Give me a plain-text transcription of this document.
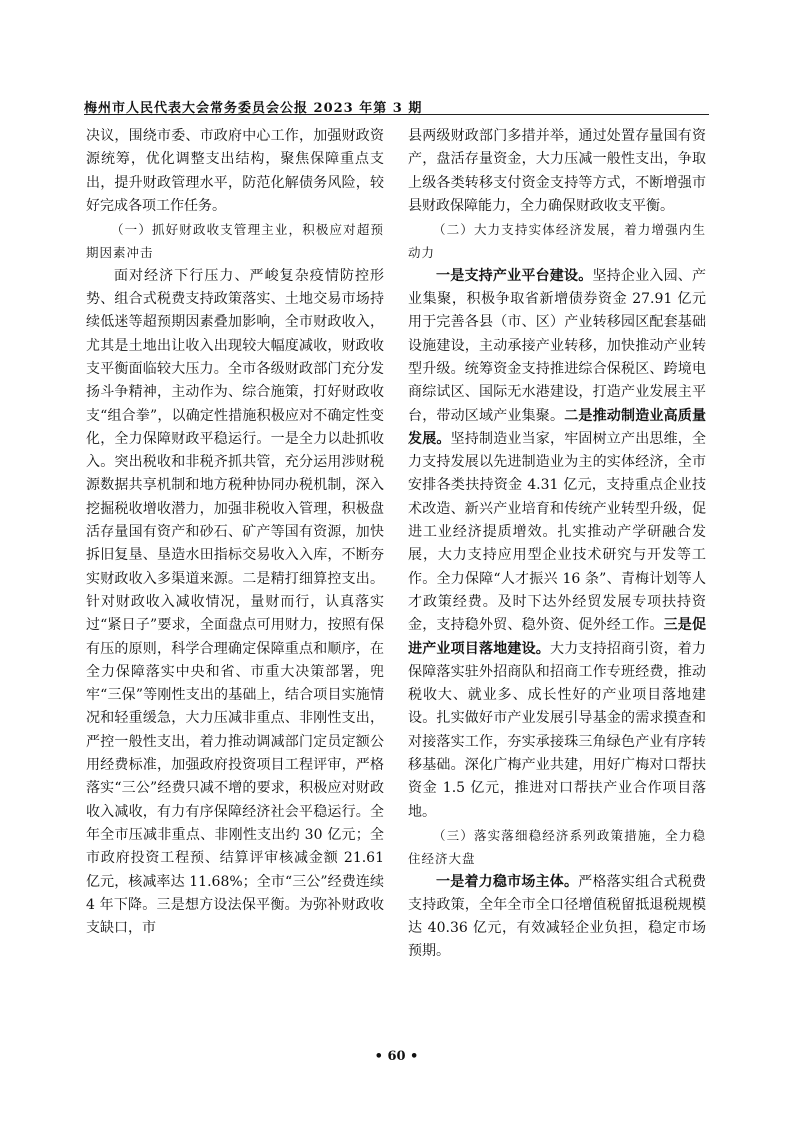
梅州市人民代表大会常务委员会公报 2023 年第 3 期

决议，围绕市委、市政府中心工作，加强财政资源统筹，优化调整支出结构，聚焦保障重点支出，提升财政管理水平，防范化解债务风险，较好完成各项工作任务。

（一）抓好财政收支管理主业，积极应对超预期因素冲击

面对经济下行压力、严峻复杂疫情防控形势、组合式税费支持政策落实、土地交易市场持续低迷等超预期因素叠加影响，全市财政收入，尤其是土地出让收入出现较大幅度减收，财政收支平衡面临较大压力。全市各级财政部门充分发扬斗争精神，主动作为、综合施策，打好财政收支“组合拳”，以确定性措施积极应对不确定性变化，全力保障财政平稳运行。一是全力以赴抓收入。突出税收和非税齐抓共管，充分运用涉财税源数据共享机制和地方税种协同办税机制，深入挖掘税收增收潜力，加强非税收入管理，积极盘活存量国有资产和砂石、矿产等国有资源，加快拆旧复垦、垦造水田指标交易收入入库，不断夯实财政收入多渠道来源。二是精打细算控支出。针对财政收入减收情况，量财而行，认真落实过“紧日子”要求，全面盘点可用财力，按照有保有压的原则，科学合理确定保障重点和顺序，在全力保障落实中央和省、市重大决策部署，兜牢“三保”等刚性支出的基础上，结合项目实施情况和轻重缓急，大力压减非重点、非刚性支出，严控一般性支出，着力推动调减部门定员定额公用经费标准，加强政府投资项目工程评审，严格落实“三公”经费只减不增的要求，积极应对财政收入减收，有力有序保障经济社会平稳运行。全年全市压减非重点、非刚性支出约 30 亿元；全市政府投资工程预、结算评审核减金额 21.61 亿元，核减率达 11.68%；全市“三公”经费连续 4 年下降。三是想方设法保平衡。为弥补财政收支缺口，市

县两级财政部门多措并举，通过处置存量国有资产，盘活存量资金，大力压减一般性支出，争取上级各类转移支付资金支持等方式，不断增强市县财政保障能力，全力确保财政收支平衡。

（二）大力支持实体经济发展，着力增强内生动力

一是支持产业平台建设。坚持企业入园、产业集聚，积极争取省新增债券资金 27.91 亿元用于完善各县（市、区）产业转移园区配套基础设施建设，主动承接产业转移，加快推动产业转型升级。统筹资金支持推进综合保税区、跨境电商综试区、国际无水港建设，打造产业发展主平台，带动区域产业集聚。二是推动制造业高质量发展。坚持制造业当家，牢固树立产出思维，全力支持发展以先进制造业为主的实体经济，全市安排各类扶持资金 4.31 亿元，支持重点企业技术改造、新兴产业培育和传统产业转型升级，促进工业经济提质增效。扎实推动产学研融合发展，大力支持应用型企业技术研究与开发等工作。全力保障“人才振兴 16 条”、青梅计划等人才政策经费。及时下达外经贸发展专项扶持资金，支持稳外贸、稳外资、促外经工作。三是促进产业项目落地建设。大力支持招商引资，着力保障落实驻外招商队和招商工作专班经费，推动税收大、就业多、成长性好的产业项目落地建设。扎实做好市产业发展引导基金的需求摸查和对接落实工作，夯实承接珠三角绿色产业有序转移基础。深化广梅产业共建，用好广梅对口帮扶资金 1.5 亿元，推进对口帮扶产业合作项目落地。

（三）落实落细稳经济系列政策措施，全力稳住经济大盘

一是着力稳市场主体。严格落实组合式税费支持政策，全年全市全口径增值税留抵退税规模达 40.36 亿元，有效减轻企业负担，稳定市场预期。

• 60 •
